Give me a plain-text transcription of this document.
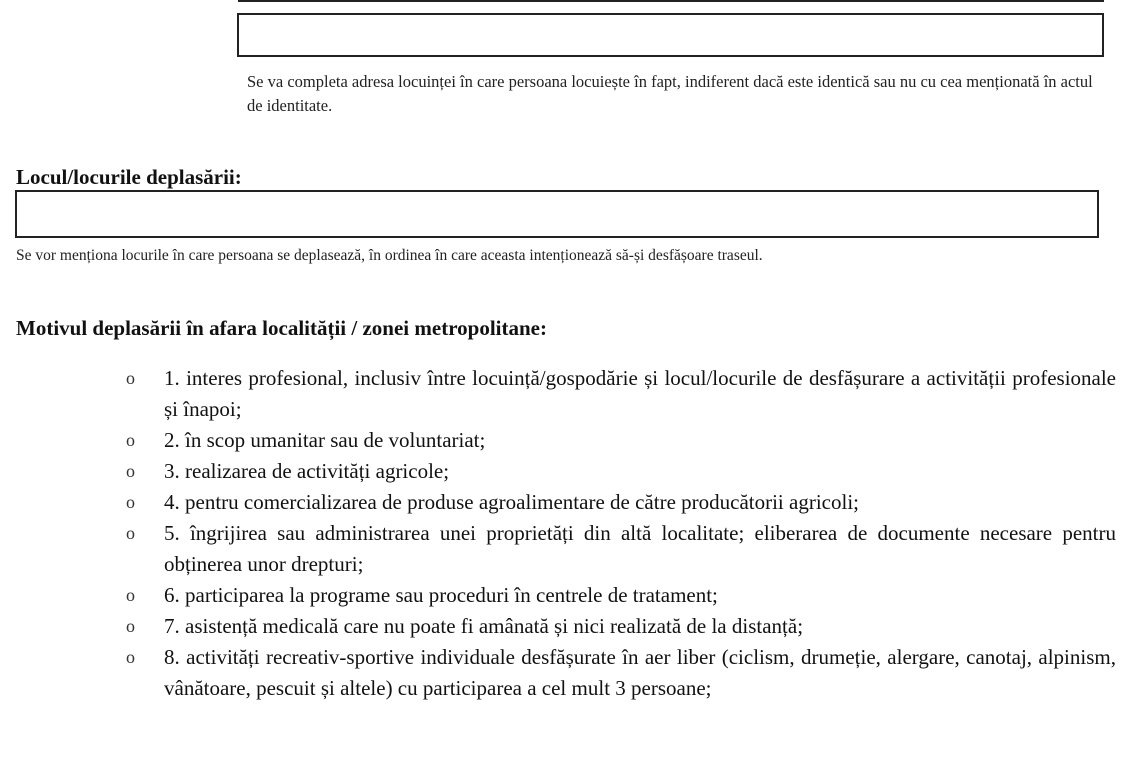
Se va completa adresa locuinței în care persoana locuiește în fapt, indiferent dacă este identică sau nu cu cea menționată în actul de identitate.
Locul/locurile deplasării:
Se vor menționa locurile în care persoana se deplasează, în ordinea în care aceasta intenționează să-și desfășoare traseul.
Motivul deplasării în afara localității / zonei metropolitane:
o	1. interes profesional, inclusiv între locuință/gospodărie și locul/locurile de desfășurare a activității profesionale și înapoi;
o	2. în scop umanitar sau de voluntariat;
o	3. realizarea de activități agricole;
o	4. pentru comercializarea de produse agroalimentare de către producătorii agricoli;
o	5. îngrijirea sau administrarea unei proprietăți din altă localitate; eliberarea de documente necesare pentru obținerea unor drepturi;
o	6. participarea la programe sau proceduri în centrele de tratament;
o	7. asistență medicală care nu poate fi amânată și nici realizată de la distanță;
o	8. activități recreativ-sportive individuale desfășurate în aer liber (ciclism, drumeție, alergare, canotaj, alpinism, vânătoare, pescuit și altele) cu participarea a cel mult 3 persoane;
